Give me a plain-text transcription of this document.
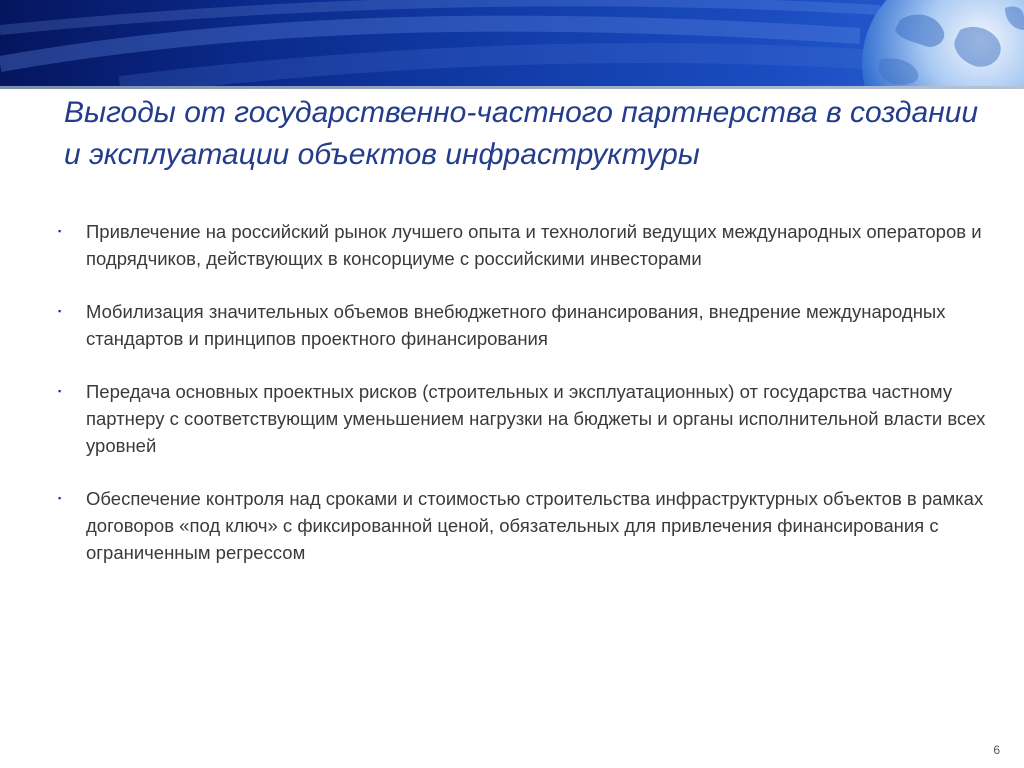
Выгоды от государственно-частного партнерства в создании и эксплуатации объектов инфраструктуры
▪	Привлечение на российский рынок лучшего опыта и технологий ведущих международных операторов и подрядчиков, действующих в консорциуме с российскими инвесторами
▪	Мобилизация значительных объемов внебюджетного финансирования, внедрение международных стандартов и принципов проектного финансирования
▪	Передача основных проектных рисков (строительных и эксплуатационных) от государства частному партнеру с соответствующим уменьшением нагрузки на бюджеты и органы исполнительной власти всех уровней
▪	Обеспечение контроля над сроками и стоимостью строительства инфраструктурных объектов в рамках договоров «под ключ» с фиксированной ценой, обязательных для привлечения финансирования с ограниченным регрессом
6
